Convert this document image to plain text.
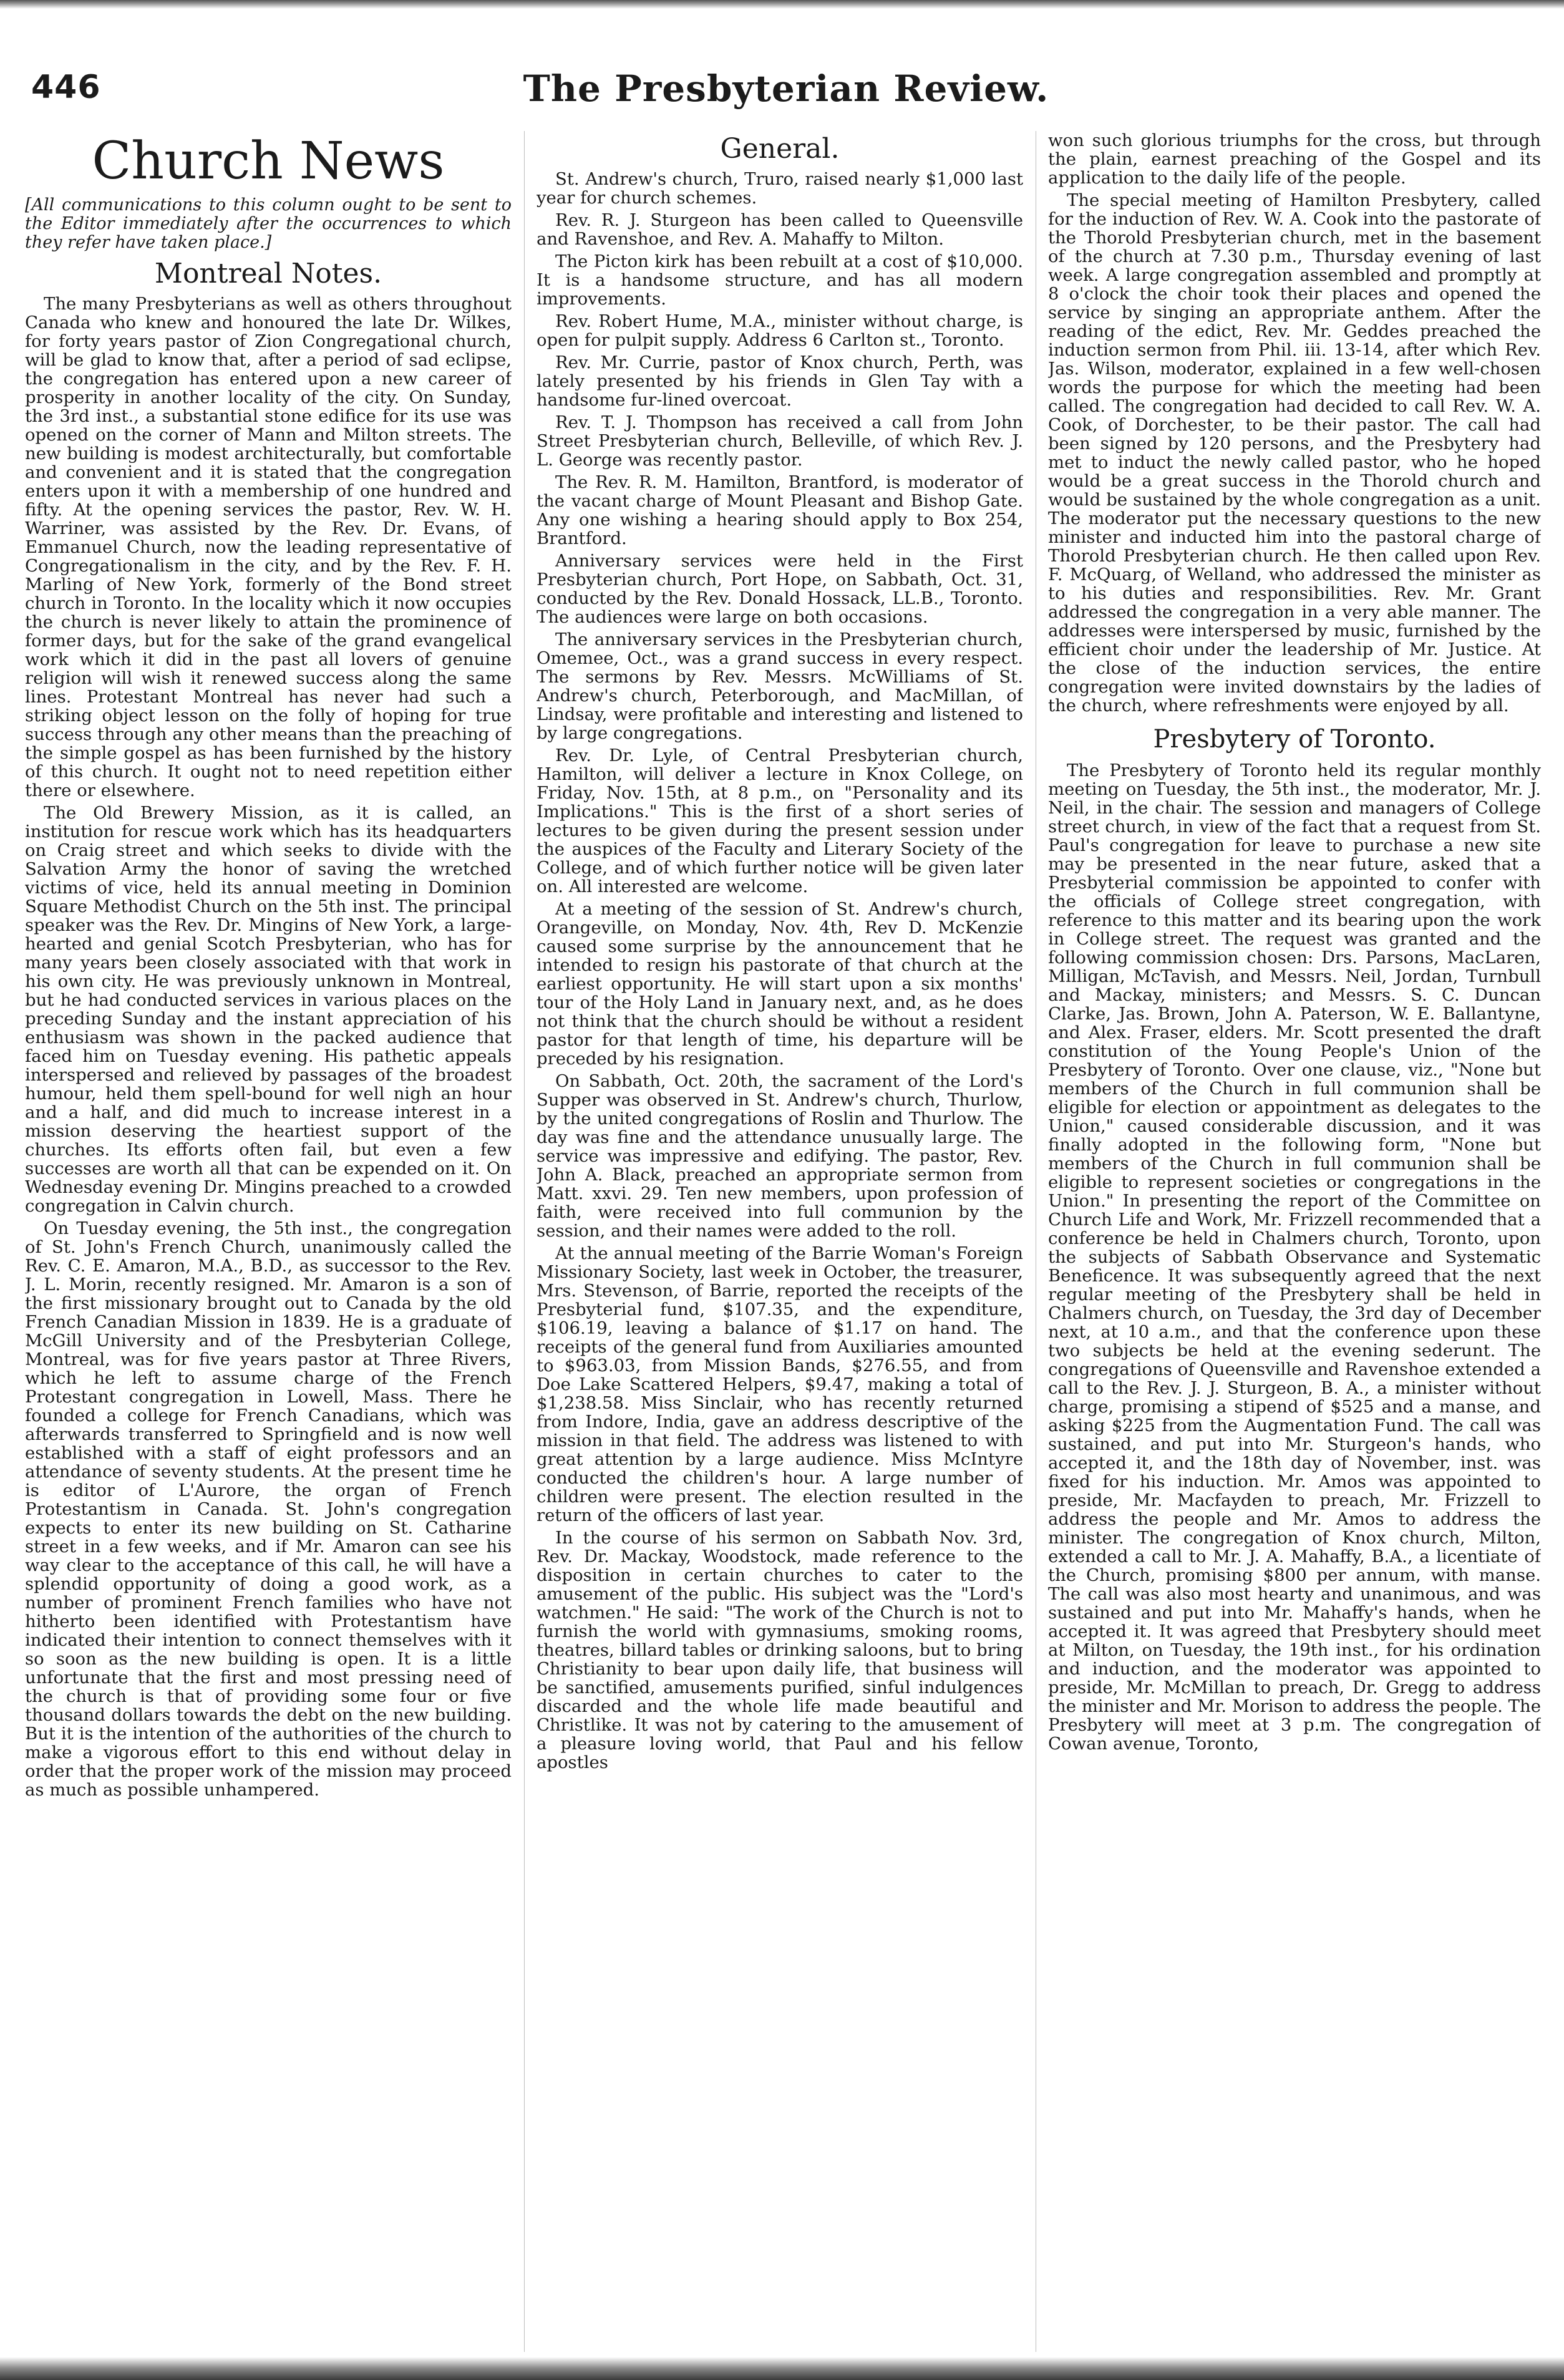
446	The Presbyterian Review.
Church News
[All communications to this column ought to be sent to the Editor immediately after the occurrences to which they refer have taken place.]
Montreal Notes.

The many Presbyterians as well as others throughout Canada who knew and honoured the late Dr. Wilkes, for forty years pastor of Zion Congregational church, will be glad to know that, after a period of sad eclipse, the congregation has entered upon a new career of prosperity in another locality of the city. On Sunday, the 3rd inst., a substantial stone edifice for its use was opened on the corner of Mann and Milton streets. The new building is modest architecturally, but comfortable and convenient and it is stated that the congregation enters upon it with a membership of one hundred and fifty. At the opening services the pastor, Rev. W. H. Warriner, was assisted by the Rev. Dr. Evans, of Emmanuel Church, now the leading representative of Congregationalism in the city, and by the Rev. F. H. Marling of New York, formerly of the Bond street church in Toronto. In the locality which it now occupies the church is never likely to attain the prominence of former days, but for the sake of the grand evangelical work which it did in the past all lovers of genuine religion will wish it renewed success along the same lines. Protestant Montreal has never had such a striking object lesson on the folly of hoping for true success through any other means than the preaching of the simple gospel as has been furnished by the history of this church. It ought not to need repetition either there or elsewhere.

The Old Brewery Mission, as it is called, an institution for rescue work which has its headquarters on Craig street and which seeks to divide with the Salvation Army the honor of saving the wretched victims of vice, held its annual meeting in Dominion Square Methodist Church on the 5th inst. The principal speaker was the Rev. Dr. Mingins of New York, a large-hearted and genial Scotch Presbyterian, who has for many years been closely associated with that work in his own city. He was previously unknown in Montreal, but he had conducted services in various places on the preceding Sunday and the instant appreciation of his enthusiasm was shown in the packed audience that faced him on Tuesday evening. His pathetic appeals interspersed and relieved by passages of the broadest humour, held them spell-bound for well nigh an hour and a half, and did much to increase interest in a mission deserving the heartiest support of the churches. Its efforts often fail, but even a few successes are worth all that can be expended on it. On Wednesday evening Dr. Mingins preached to a crowded congregation in Calvin church.

On Tuesday evening, the 5th inst., the congregation of St. John's French Church, unanimously called the Rev. C. E. Amaron, M.A., B.D., as successor to the Rev. J. L. Morin, recently resigned. Mr. Amaron is a son of the first missionary brought out to Canada by the old French Canadian Mission in 1839. He is a graduate of McGill University and of the Presbyterian College, Montreal, was for five years pastor at Three Rivers, which he left to assume charge of the French Protestant congregation in Lowell, Mass. There he founded a college for French Canadians, which was afterwards transferred to Springfield and is now well established with a staff of eight professors and an attendance of seventy students. At the present time he is editor of L'Aurore, the organ of French Protestantism in Canada. St. John's congregation expects to enter its new building on St. Catharine street in a few weeks, and if Mr. Amaron can see his way clear to the acceptance of this call, he will have a splendid opportunity of doing a good work, as a number of prominent French families who have not hitherto been identified with Protestantism have indicated their intention to connect themselves with it so soon as the new building is open. It is a little unfortunate that the first and most pressing need of the church is that of providing some four or five thousand dollars towards the debt on the new building. But it is the intention of the authorities of the church to make a vigorous effort to this end without delay in order that the proper work of the mission may proceed as much as possible unhampered.

General.

St. Andrew's church, Truro, raised nearly $1,000 last year for church schemes.

Rev. R. J. Sturgeon has been called to Queensville and Ravenshoe, and Rev. A. Mahaffy to Milton.

The Picton kirk has been rebuilt at a cost of $10,000. It is a handsome structure, and has all modern improvements.

Rev. Robert Hume, M.A., minister without charge, is open for pulpit supply. Address 6 Carlton st., Toronto.

Rev. Mr. Currie, pastor of Knox church, Perth, was lately presented by his friends in Glen Tay with a handsome fur-lined overcoat.

Rev. T. J. Thompson has received a call from John Street Presbyterian church, Belleville, of which Rev. J. L. George was recently pastor.

The Rev. R. M. Hamilton, Brantford, is moderator of the vacant charge of Mount Pleasant and Bishop Gate. Any one wishing a hearing should apply to Box 254, Brantford.

Anniversary services were held in the First Presbyterian church, Port Hope, on Sabbath, Oct. 31, conducted by the Rev. Donald Hossack, LL.B., Toronto. The audiences were large on both occasions.

The anniversary services in the Presbyterian church, Omemee, Oct., was a grand success in every respect. The sermons by Rev. Messrs. McWilliams of St. Andrew's church, Peterborough, and MacMillan, of Lindsay, were profitable and interesting and listened to by large congregations.

Rev. Dr. Lyle, of Central Presbyterian church, Hamilton, will deliver a lecture in Knox College, on Friday, Nov. 15th, at 8 p.m., on "Personality and its Implications." This is the first of a short series of lectures to be given during the present session under the auspices of the Faculty and Literary Society of the College, and of which further notice will be given later on. All interested are welcome.

At a meeting of the session of St. Andrew's church, Orangeville, on Monday, Nov. 4th, Rev D. McKenzie caused some surprise by the announcement that he intended to resign his pastorate of that church at the earliest opportunity. He will start upon a six months' tour of the Holy Land in January next, and, as he does not think that the church should be without a resident pastor for that length of time, his departure will be preceded by his resignation.

On Sabbath, Oct. 20th, the sacrament of the Lord's Supper was observed in St. Andrew's church, Thurlow, by the united congregations of Roslin and Thurlow. The day was fine and the attendance unusually large. The service was impressive and edifying. The pastor, Rev. John A. Black, preached an appropriate sermon from Matt. xxvi. 29. Ten new members, upon profession of faith, were received into full communion by the session, and their names were added to the roll.

At the annual meeting of the Barrie Woman's Foreign Missionary Society, last week in October, the treasurer, Mrs. Stevenson, of Barrie, reported the receipts of the Presbyterial fund, $107.35, and the expenditure, $106.19, leaving a balance of $1.17 on hand. The receipts of the general fund from Auxiliaries amounted to $963.03, from Mission Bands, $276.55, and from Doe Lake Scattered Helpers, $9.47, making a total of $1,238.58. Miss Sinclair, who has recently returned from Indore, India, gave an address descriptive of the mission in that field. The address was listened to with great attention by a large audience. Miss McIntyre conducted the children's hour. A large number of children were present. The election resulted in the return of the officers of last year.

In the course of his sermon on Sabbath Nov. 3rd, Rev. Dr. Mackay, Woodstock, made reference to the disposition in certain churches to cater to the amusement of the public. His subject was the "Lord's watchmen." He said: "The work of the Church is not to furnish the world with gymnasiums, smoking rooms, theatres, billard tables or drinking saloons, but to bring Christianity to bear upon daily life, that business will be sanctified, amusements purified, sinful indulgences discarded and the whole life made beautiful and Christlike. It was not by catering to the amusement of a pleasure loving world, that Paul and his fellow apostles

won such glorious triumphs for the cross, but through the plain, earnest preaching of the Gospel and its application to the daily life of the people.

The special meeting of Hamilton Presbytery, called for the induction of Rev. W. A. Cook into the pastorate of the Thorold Presbyterian church, met in the basement of the church at 7.30 p.m., Thursday evening of last week. A large congregation assembled and promptly at 8 o'clock the choir took their places and opened the service by singing an appropriate anthem. After the reading of the edict, Rev. Mr. Geddes preached the induction sermon from Phil. iii. 13-14, after which Rev. Jas. Wilson, moderator, explained in a few well-chosen words the purpose for which the meeting had been called. The congregation had decided to call Rev. W. A. Cook, of Dorchester, to be their pastor. The call had been signed by 120 persons, and the Presbytery had met to induct the newly called pastor, who he hoped would be a great success in the Thorold church and would be sustained by the whole congregation as a unit. The moderator put the necessary questions to the new minister and inducted him into the pastoral charge of Thorold Presbyterian church. He then called upon Rev. F. McQuarg, of Welland, who addressed the minister as to his duties and responsibilities. Rev. Mr. Grant addressed the congregation in a very able manner. The addresses were interspersed by music, furnished by the efficient choir under the leadership of Mr. Justice. At the close of the induction services, the entire congregation were invited downstairs by the ladies of the church, where refreshments were enjoyed by all.

Presbytery of Toronto.

The Presbytery of Toronto held its regular monthly meeting on Tuesday, the 5th inst., the moderator, Mr. J. Neil, in the chair. The session and managers of College street church, in view of the fact that a request from St. Paul's congregation for leave to purchase a new site may be presented in the near future, asked that a Presbyterial commission be appointed to confer with the officials of College street congregation, with reference to this matter and its bearing upon the work in College street. The request was granted and the following commission chosen: Drs. Parsons, MacLaren, Milligan, McTavish, and Messrs. Neil, Jordan, Turnbull and Mackay, ministers; and Messrs. S. C. Duncan Clarke, Jas. Brown, John A. Paterson, W. E. Ballantyne, and Alex. Fraser, elders. Mr. Scott presented the draft constitution of the Young People's Union of the Presbytery of Toronto. Over one clause, viz., "None but members of the Church in full communion shall be eligible for election or appointment as delegates to the Union," caused considerable discussion, and it was finally adopted in the following form, "None but members of the Church in full communion shall be eligible to represent societies or congregations in the Union." In presenting the report of the Committee on Church Life and Work, Mr. Frizzell recommended that a conference be held in Chalmers church, Toronto, upon the subjects of Sabbath Observance and Systematic Beneficence. It was subsequently agreed that the next regular meeting of the Presbytery shall be held in Chalmers church, on Tuesday, the 3rd day of December next, at 10 a.m., and that the conference upon these two subjects be held at the evening sederunt. The congregations of Queensville and Ravenshoe extended a call to the Rev. J. J. Sturgeon, B. A., a minister without charge, promising a stipend of $525 and a manse, and asking $225 from the Augmentation Fund. The call was sustained, and put into Mr. Sturgeon's hands, who accepted it, and the 18th day of November, inst. was fixed for his induction. Mr. Amos was appointed to preside, Mr. Macfayden to preach, Mr. Frizzell to address the people and Mr. Amos to address the minister. The congregation of Knox church, Milton, extended a call to Mr. J. A. Mahaffy, B.A., a licentiate of the Church, promising $800 per annum, with manse. The call was also most hearty and unanimous, and was sustained and put into Mr. Mahaffy's hands, when he accepted it. It was agreed that Presbytery should meet at Milton, on Tuesday, the 19th inst., for his ordination and induction, and the moderator was appointed to preside, Mr. McMillan to preach, Dr. Gregg to address the minister and Mr. Morison to address the people. The Presbytery will meet at 3 p.m. The congregation of Cowan avenue, Toronto,
